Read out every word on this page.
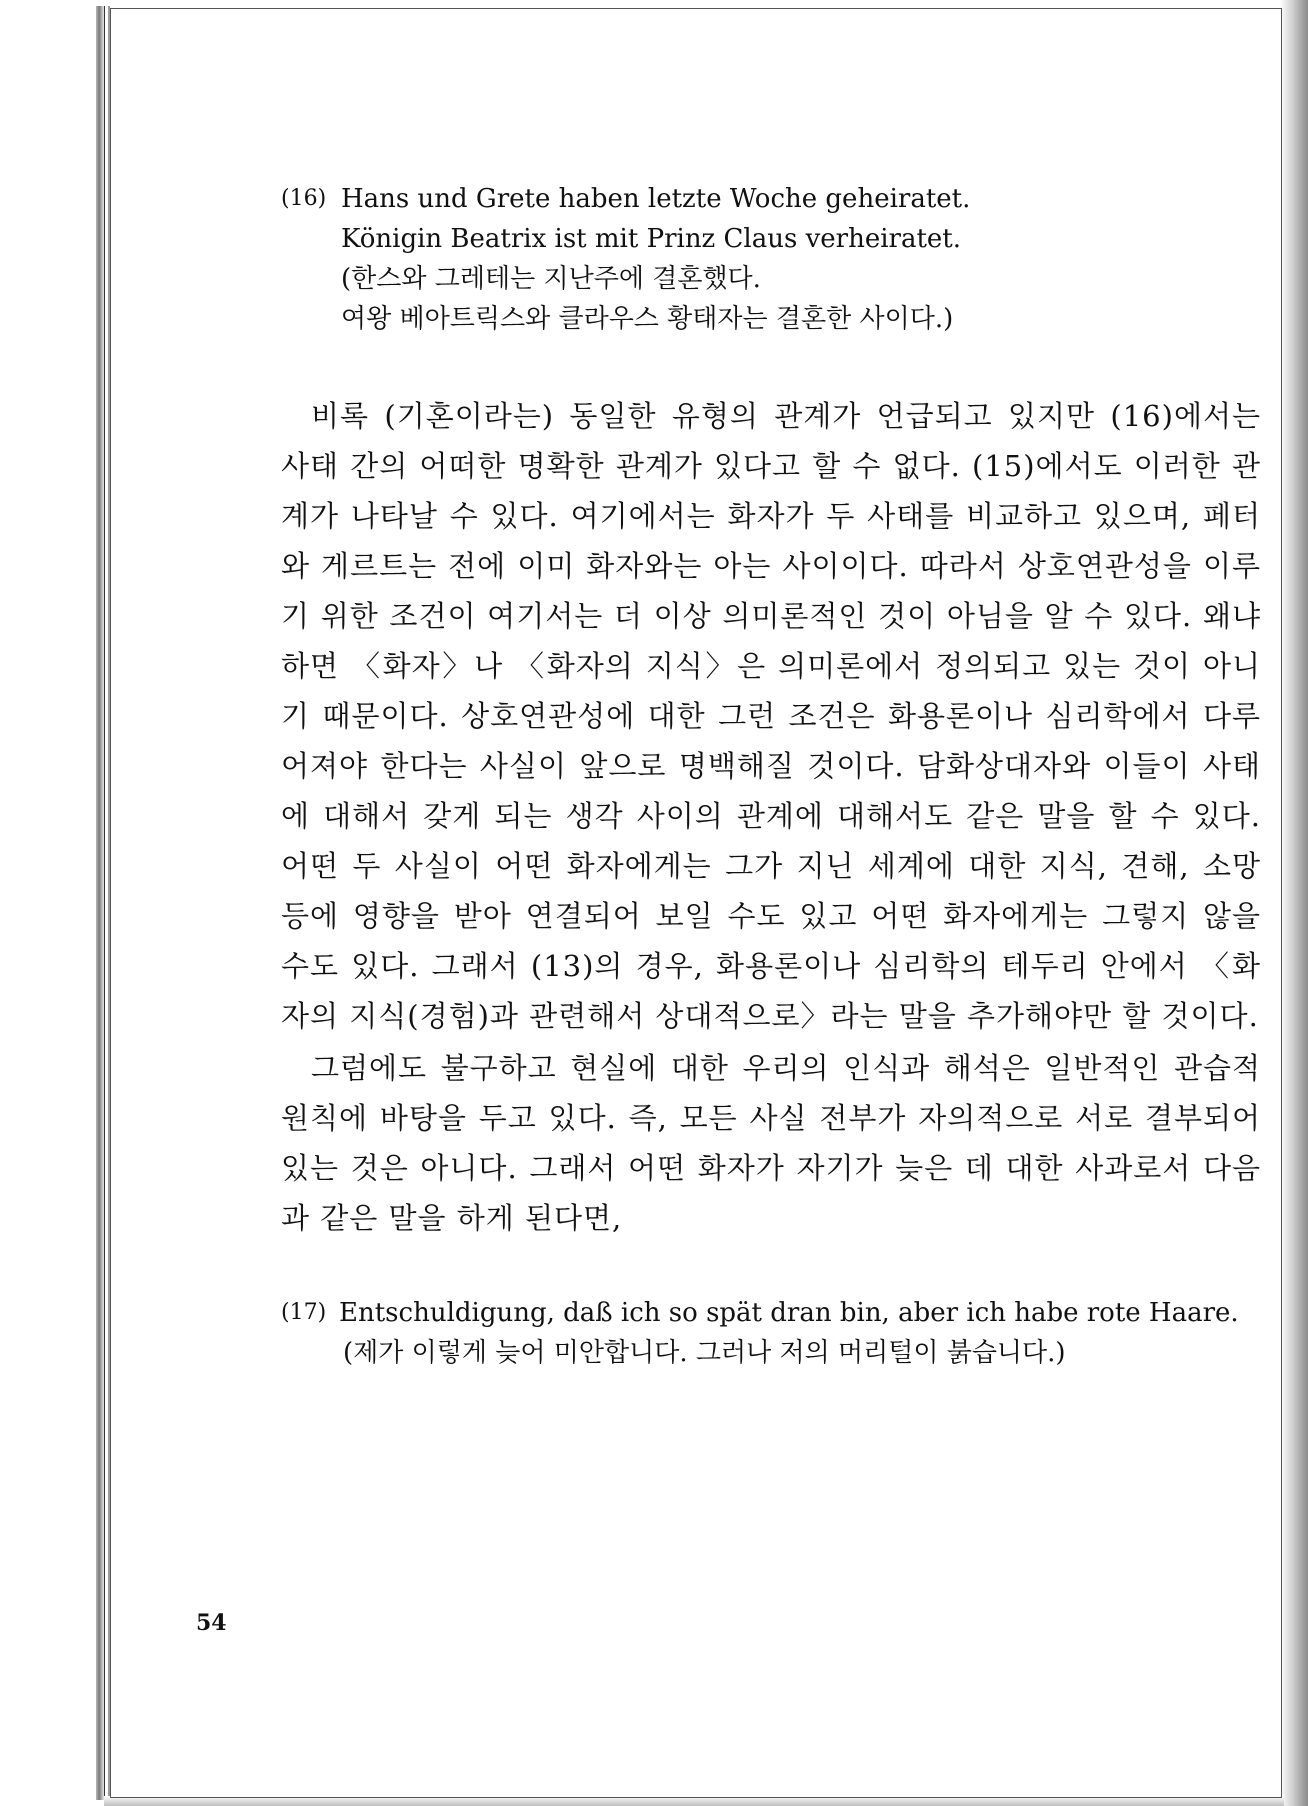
(16) Hans und Grete haben letzte Woche geheiratet.
Königin Beatrix ist mit Prinz Claus verheiratet.
(한스와 그레테는 지난주에 결혼했다.
여왕 베아트릭스와 클라우스 황태자는 결혼한 사이다.)

비록 (기혼이라는) 동일한 유형의 관계가 언급되고 있지만 (16)에서는 사태 간의 어떠한 명확한 관계가 있다고 할 수 없다. (15)에서도 이러한 관계가 나타날 수 있다. 여기에서는 화자가 두 사태를 비교하고 있으며, 페터와 게르트는 전에 이미 화자와는 아는 사이이다. 따라서 상호연관성을 이루기 위한 조건이 여기서는 더 이상 의미론적인 것이 아님을 알 수 있다. 왜냐하면 〈화자〉나 〈화자의 지식〉은 의미론에서 정의되고 있는 것이 아니기 때문이다. 상호연관성에 대한 그런 조건은 화용론이나 심리학에서 다루어져야 한다는 사실이 앞으로 명백해질 것이다. 담화상대자와 이들이 사태에 대해서 갖게 되는 생각 사이의 관계에 대해서도 같은 말을 할 수 있다. 어떤 두 사실이 어떤 화자에게는 그가 지닌 세계에 대한 지식, 견해, 소망 등에 영향을 받아 연결되어 보일 수도 있고 어떤 화자에게는 그렇지 않을 수도 있다. 그래서 (13)의 경우, 화용론이나 심리학의 테두리 안에서 〈화자의 지식(경험)과 관련해서 상대적으로〉라는 말을 추가해야만 할 것이다.

그럼에도 불구하고 현실에 대한 우리의 인식과 해석은 일반적인 관습적 원칙에 바탕을 두고 있다. 즉, 모든 사실 전부가 자의적으로 서로 결부되어 있는 것은 아니다. 그래서 어떤 화자가 자기가 늦은 데 대한 사과로서 다음과 같은 말을 하게 된다면,

(17) Entschuldigung, daß ich so spät dran bin, aber ich habe rote Haare.
(제가 이렇게 늦어 미안합니다. 그러나 저의 머리털이 붉습니다.)
54
